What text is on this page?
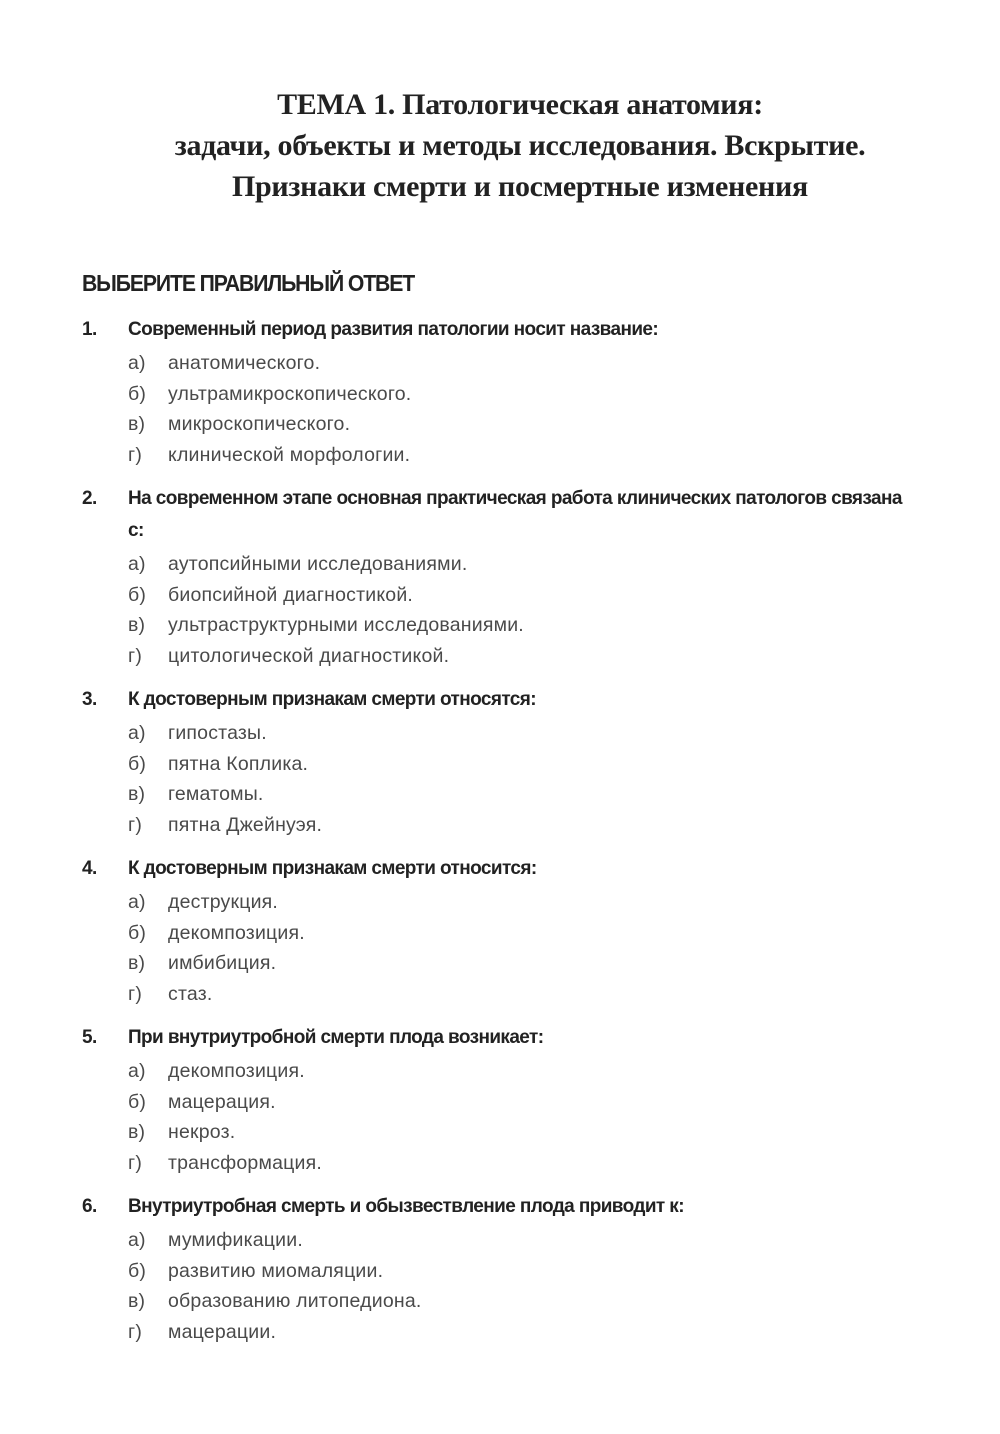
ТЕМА 1. Патологическая анатомия:
задачи, объекты и методы исследования. Вскрытие.
Признаки смерти и посмертные изменения
ВЫБЕРИТЕ ПРАВИЛЬНЫЙ ОТВЕТ
1.	Современный период развития патологии носит название:
а)	анатомического.
б)	ультрамикроскопического.
в)	микроскопического.
г)	клинической морфологии.
2.	На современном этапе основная практическая работа клинических патологов связана с:
а)	аутопсийными исследованиями.
б)	биопсийной диагностикой.
в)	ультраструктурными исследованиями.
г)	цитологической диагностикой.
3.	К достоверным признакам смерти относятся:
а)	гипостазы.
б)	пятна Коплика.
в)	гематомы.
г)	пятна Джейнуэя.
4.	К достоверным признакам смерти относится:
а)	деструкция.
б)	декомпозиция.
в)	имбибиция.
г)	стаз.
5.	При внутриутробной смерти плода возникает:
а)	декомпозиция.
б)	мацерация.
в)	некроз.
г)	трансформация.
6.	Внутриутробная смерть и обызвествление плода приводит к:
а)	мумификации.
б)	развитию миомаляции.
в)	образованию литопедиона.
г)	мацерации.
